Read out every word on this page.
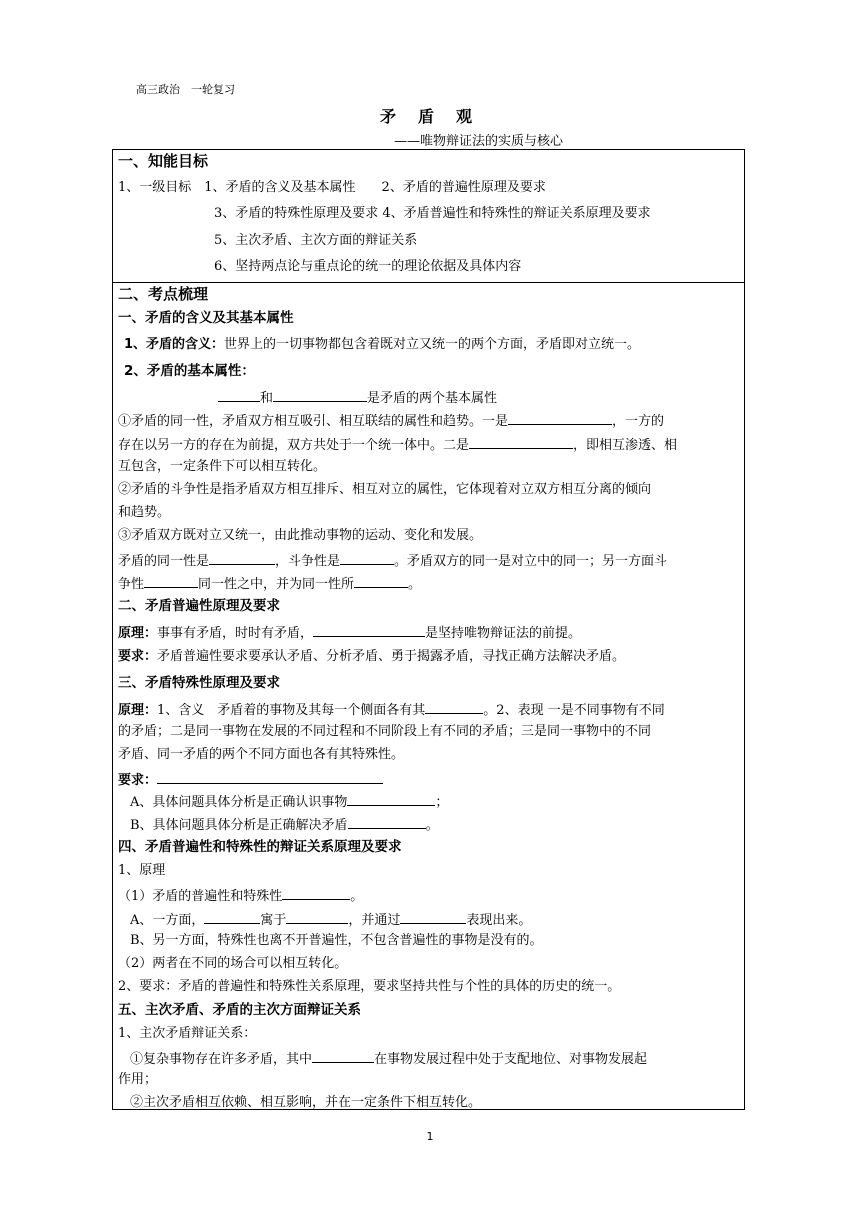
高三政治　一轮复习
矛盾观
——唯物辩证法的实质与核心
一、知能目标
1、一级目标　1、矛盾的含义及基本属性　　2、矛盾的普遍性原理及要求
3、矛盾的特殊性原理及要求 4、矛盾普遍性和特殊性的辩证关系原理及要求
5、主次矛盾、主次方面的辩证关系
6、坚持两点论与重点论的统一的理论依据及具体内容
二、考点梳理
一、矛盾的含义及其基本属性
1、矛盾的含义：世界上的一切事物都包含着既对立又统一的两个方面，矛盾即对立统一。
2、矛盾的基本属性：
和	是矛盾的两个基本属性
①矛盾的同一性，矛盾双方相互吸引、相互联结的属性和趋势。一是	，一方的
存在以另一方的存在为前提，双方共处于一个统一体中。二是	，即相互渗透、相
互包含，一定条件下可以相互转化。
②矛盾的斗争性是指矛盾双方相互排斥、相互对立的属性，它体现着对立双方相互分离的倾向
和趋势。
③矛盾双方既对立又统一，由此推动事物的运动、变化和发展。
矛盾的同一性是	，斗争性是	。矛盾双方的同一是对立中的同一；另一方面斗
争性	同一性之中，并为同一性所	。
二、矛盾普遍性原理及要求
原理：事事有矛盾，时时有矛盾，	是坚持唯物辩证法的前提。
要求：矛盾普遍性要求要承认矛盾、分析矛盾、勇于揭露矛盾，寻找正确方法解决矛盾。
三、矛盾特殊性原理及要求
原理：1、含义　矛盾着的事物及其每一个侧面各有其	。2、表现 一是不同事物有不同
的矛盾；二是同一事物在发展的不同过程和不同阶段上有不同的矛盾；三是同一事物中的不同
矛盾、同一矛盾的两个不同方面也各有其特殊性。
要求：
A、具体问题具体分析是正确认识事物	；
B、具体问题具体分析是正确解决矛盾	。
四、矛盾普遍性和特殊性的辩证关系原理及要求
1、原理
（1）矛盾的普遍性和特殊性	。
A、一方面，	寓于	，并通过	表现出来。
B、另一方面，特殊性也离不开普遍性，不包含普遍性的事物是没有的。
（2）两者在不同的场合可以相互转化。
2、要求：矛盾的普遍性和特殊性关系原理，要求坚持共性与个性的具体的历史的统一。
五、主次矛盾、矛盾的主次方面辩证关系
1、主次矛盾辩证关系：
①复杂事物存在许多矛盾，其中	在事物发展过程中处于支配地位、对事物发展起
作用；
②主次矛盾相互依赖、相互影响，并在一定条件下相互转化。
1
